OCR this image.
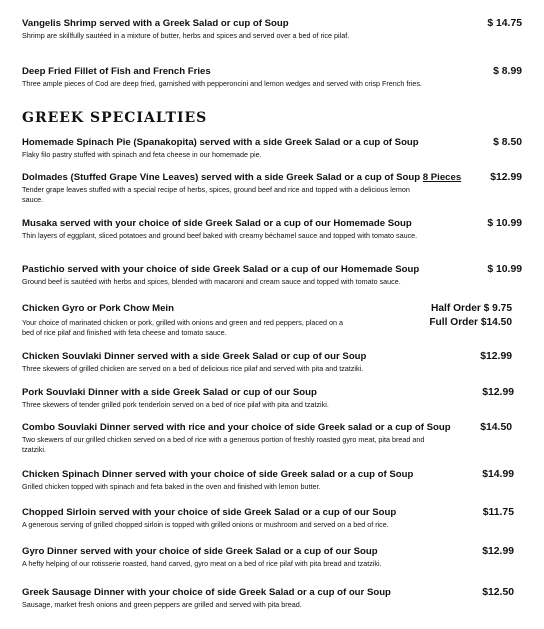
Vangelis Shrimp served with a Greek Salad or cup of Soup
Shrimp are skillfully sautéed in a mixture of butter, herbs and spices and served over a bed of rice pilaf.
$ 14.75
Deep Fried Fillet of Fish and French Fries
Three ample pieces of Cod are deep fried, garnished with pepperoncini and lemon wedges and served with crisp French fries.
$ 8.99
GREEK SPECIALTIES
Homemade Spinach Pie (Spanakopita) served with a side Greek Salad or a cup of Soup
Flaky filo pastry stuffed with spinach and feta cheese in our homemade pie.
$ 8.50
Dolmades (Stuffed Grape Vine Leaves) served with a side Greek Salad or a cup of Soup 8 Pieces
Tender grape leaves stuffed with a special recipe of herbs, spices, ground beef and rice and topped with a delicious lemon sauce.
$12.99
Musaka served with your choice of side Greek Salad or a cup of our Homemade Soup
Thin layers of eggplant, sliced potatoes and ground beef baked with creamy béchamel sauce and topped with tomato sauce.
$ 10.99
Pastichio served with your choice of side Greek Salad or a cup of our Homemade Soup
Ground beef is sautéed with herbs and spices, blended with macaroni and cream sauce and topped with tomato sauce.
$ 10.99
Chicken Gyro or Pork Chow Mein
Your choice of marinated chicken or pork, grilled with onions and green and red peppers, placed on a bed of rice pilaf and finished with feta cheese and tomato sauce.
Half Order $ 9.75
Full Order $14.50
Chicken Souvlaki Dinner served with a side Greek Salad or cup of our Soup
Three skewers of grilled chicken are served on a bed of delicious rice pilaf and served with pita and tzatziki.
$12.99
Pork Souvlaki Dinner with a side Greek Salad or cup of our Soup
Three skewers of tender grilled pork tenderloin served on a bed of rice pilaf with pita and tzatziki.
$12.99
Combo Souvlaki Dinner served with rice and your choice of side Greek salad or a cup of Soup
Two skewers of our grilled chicken served on a bed of rice with a generous portion of freshly roasted gyro meat, pita bread and tzatziki.
$14.50
Chicken Spinach Dinner served with your choice of side Greek salad or a cup of Soup
Grilled chicken topped with spinach and feta baked in the oven and finished with lemon butter.
$14.99
Chopped Sirloin served with your choice of side Greek Salad or a cup of our Soup
A generous serving of grilled chopped sirloin is topped with grilled onions or mushroom and served on a bed of rice.
$11.75
Gyro Dinner served with your choice of side Greek Salad or a cup of our Soup
A hefty helping of our rotisserie roasted, hand carved, gyro meat on a bed of rice pilaf with pita bread and tzatziki.
$12.99
Greek Sausage Dinner with your choice of side Greek Salad or a cup of our Soup
Sausage, market fresh onions and green peppers are grilled and served with pita bread.
$12.50
